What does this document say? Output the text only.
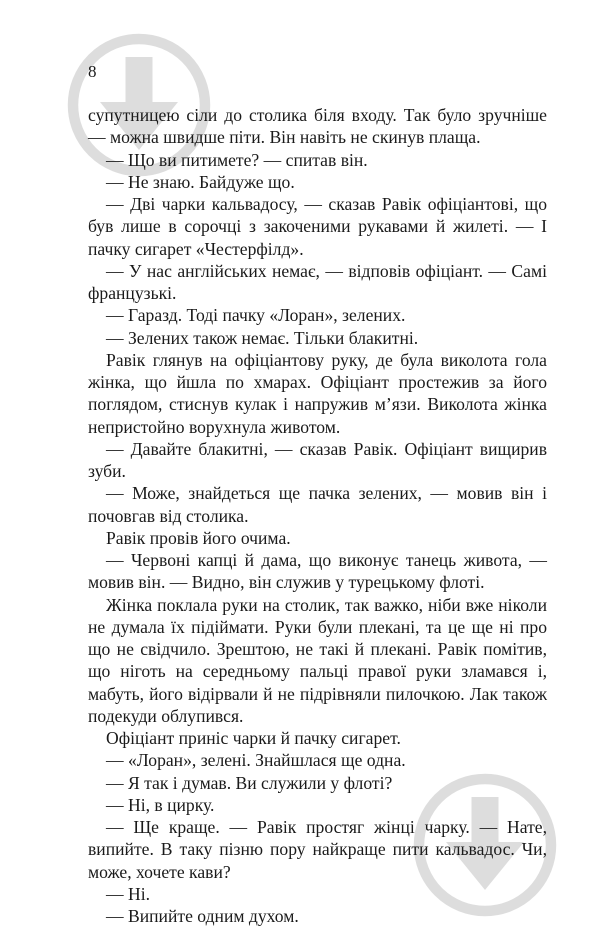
8

супутницею сіли до столика біля входу. Так було зручніше — можна швидше піти. Він навіть не скинув плаща.

— Що ви питимете? — спитав він.

— Не знаю. Байдуже що.

— Дві чарки кальвадосу, — сказав Равік офіціантові, що був лише в сорочці з закоченими рукавами й жилеті. — І пачку сигарет «Честерфілд».

— У нас англійських немає, — відповів офіціант. — Самі французькі.

— Гаразд. Тоді пачку «Лоран», зелених.

— Зелених також немає. Тільки блакитні.

Равік глянув на офіціантову руку, де була виколота гола жінка, що йшла по хмарах. Офіціант простежив за його поглядом, стиснув кулак і напружив м’язи. Виколота жінка непристойно ворухнула животом.

— Давайте блакитні, — сказав Равік. Офіціант вищирив зуби.

— Може, знайдеться ще пачка зелених, — мовив він і почовгав від столика.

Равік провів його очима.

— Червоні капці й дама, що виконує танець живота, — мовив він. — Видно, він служив у турецькому флоті.

Жінка поклала руки на столик, так важко, ніби вже ніколи не думала їх підіймати. Руки були плекані, та це ще ні про що не свідчило. Зрештою, не такі й плекані. Равік помітив, що ніготь на середньому пальці правої руки зламався і, мабуть, його відірвали й не підрівняли пилочкою. Лак також подекуди облупився.

Офіціант приніс чарки й пачку сигарет.

— «Лоран», зелені. Знайшлася ще одна.

— Я так і думав. Ви служили у флоті?

— Ні, в цирку.

— Ще краще. — Равік простяг жінці чарку. — Нате, випийте. В таку пізню пору найкраще пити кальвадос. Чи, може, хочете кави?

— Ні.

— Випийте одним духом.
